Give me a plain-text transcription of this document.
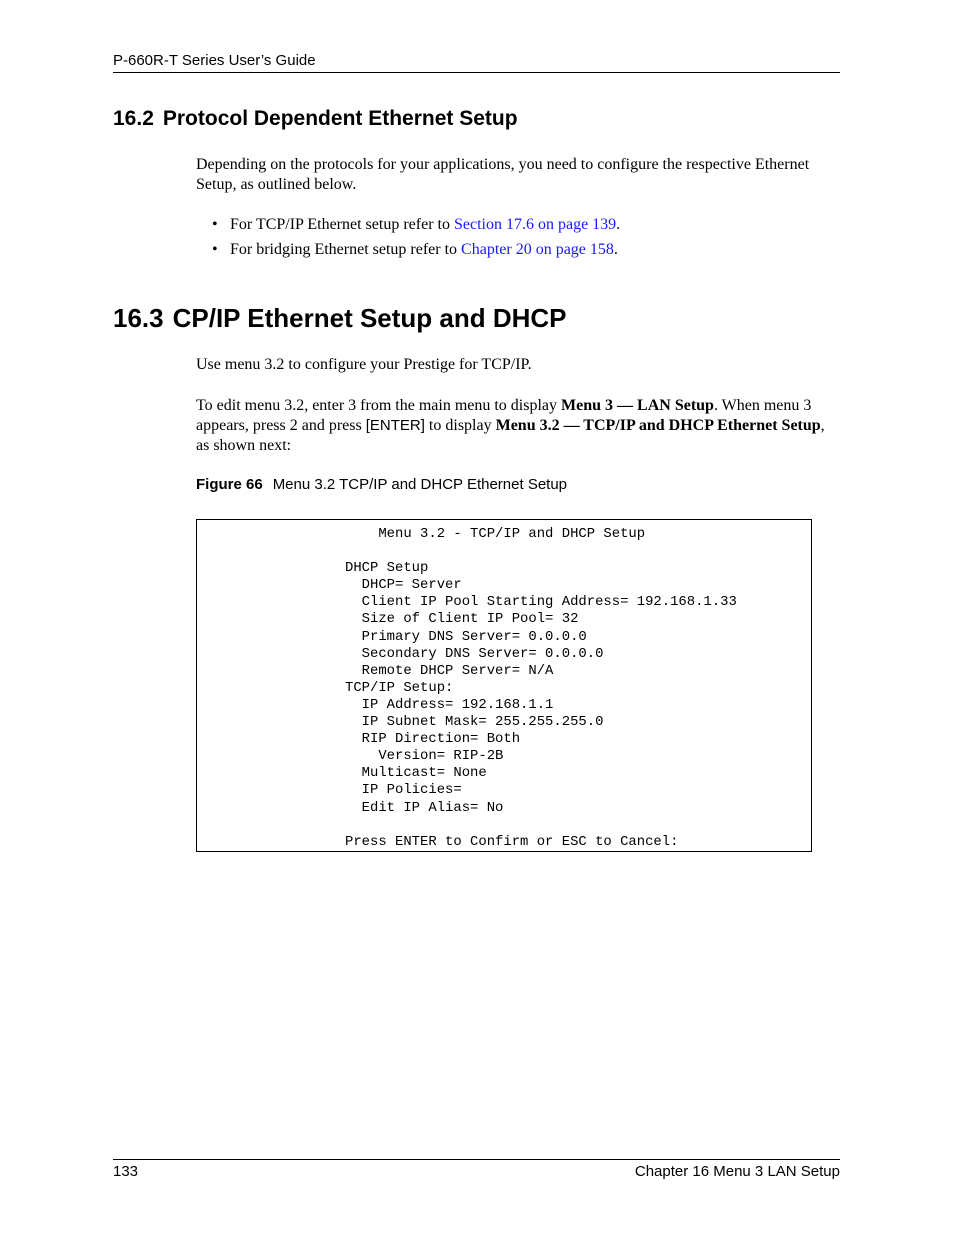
P-660R-T Series User’s Guide
16.2 Protocol Dependent Ethernet Setup

Depending on the protocols for your applications, you need to configure the respective Ethernet Setup, as outlined below.

• For TCP/IP Ethernet setup refer to Section 17.6 on page 139.
• For bridging Ethernet setup refer to Chapter 20 on page 158.
16.3 CP/IP Ethernet Setup and DHCP

Use menu 3.2 to configure your Prestige for TCP/IP.

To edit menu 3.2, enter 3 from the main menu to display Menu 3 — LAN Setup. When menu 3 appears, press 2 and press [ENTER] to display Menu 3.2 — TCP/IP and DHCP Ethernet Setup, as shown next:

Figure 66 Menu 3.2 TCP/IP and DHCP Ethernet Setup

Menu 3.2 - TCP/IP and DHCP Setup

DHCP Setup
DHCP= Server
Client IP Pool Starting Address= 192.168.1.33
Size of Client IP Pool= 32
Primary DNS Server= 0.0.0.0
Secondary DNS Server= 0.0.0.0
Remote DHCP Server= N/A
TCP/IP Setup:
IP Address= 192.168.1.1
IP Subnet Mask= 255.255.255.0
RIP Direction= Both
Version= RIP-2B
Multicast= None
IP Policies=
Edit IP Alias= No

Press ENTER to Confirm or ESC to Cancel:

133	Chapter 16 Menu 3 LAN Setup
